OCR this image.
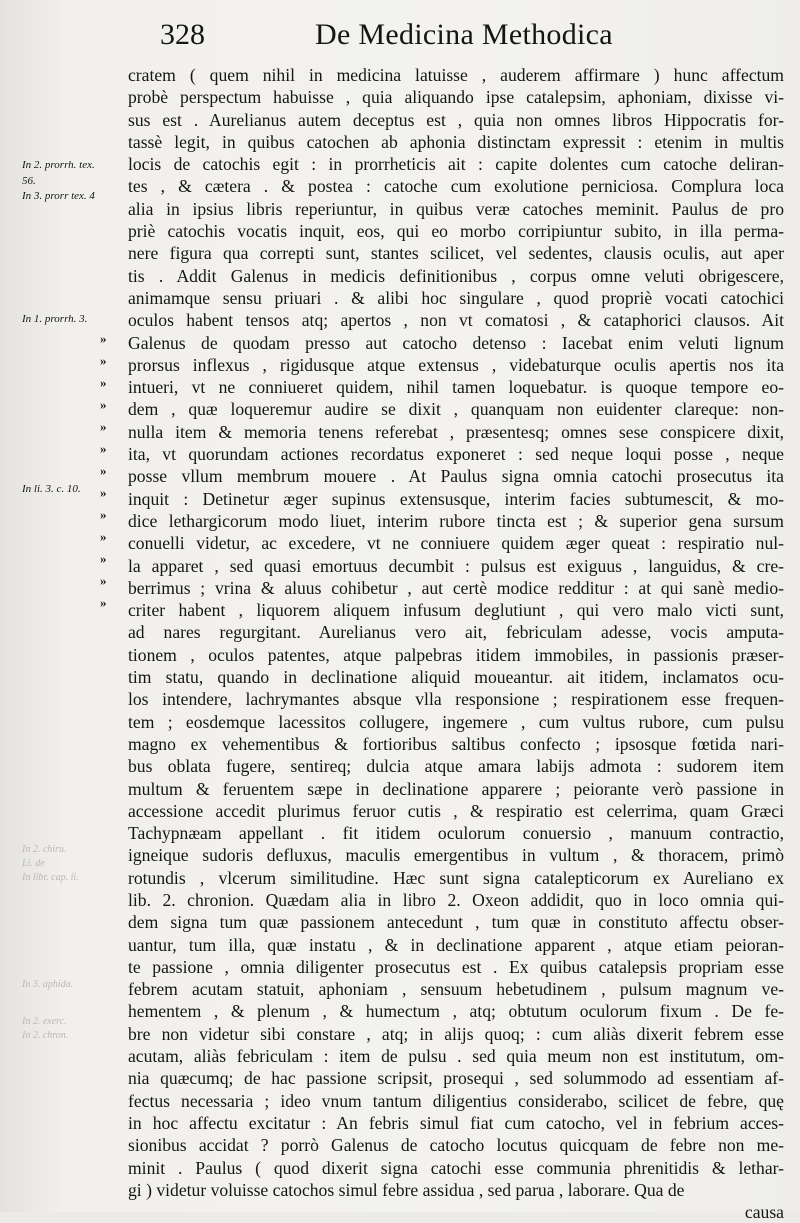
328	De Medicina Methodica
In 2. prorrh. tex.
56.
In 3. prorr tex. 4
In 1. prorrh. 3.
In li. 3. c. 10.
»
»
»
»
»
»
»
»
»
»
»
»
»
In 2. chiru.
Li. de
In libr. cap. ii.
In 3. aphida.
In 2. exerc.
In 2. chron.
cratem ( quem nihil in medicina latuisse , auderem affirmare ) hunc affectum
probè perspectum habuisse , quia aliquando ipse catalepsim, aphoniam, dixisse vi-
sus est . Aurelianus autem deceptus est , quia non omnes libros Hippocratis for-
tassè legit, in quibus catochen ab aphonia distinctam expressit : etenim in multis
locis de catochis egit : in prorrheticis ait : capite dolentes cum catoche deliran-
tes , & cætera . & postea : catoche cum exolutione perniciosa. Complura loca
alia in ipsius libris reperiuntur, in quibus veræ catoches meminit. Paulus de pro
priè catochis vocatis inquit, eos, qui eo morbo corripiuntur subito, in illa perma-
nere figura qua correpti sunt, stantes scilicet, vel sedentes, clausis oculis, aut aper
tis . Addit Galenus in medicis definitionibus , corpus omne veluti obrigescere,
animamque sensu priuari . & alibi hoc singulare , quod propriè vocati catochici
oculos habent tensos atq; apertos , non vt comatosi , & cataphorici clausos. Ait
Galenus de quodam presso aut catocho detenso : Iacebat enim veluti lignum
prorsus inflexus , rigidusque atque extensus , videbaturque oculis apertis nos ita
intueri, vt ne conniueret quidem, nihil tamen loquebatur. is quoque tempore eo-
dem , quæ loqueremur audire se dixit , quanquam non euidenter clareque: non-
nulla item & memoria tenens referebat , præsentesq; omnes sese conspicere dixit,
ita, vt quorundam actiones recordatus exponeret : sed neque loqui posse , neque
posse vllum membrum mouere . At Paulus signa omnia catochi prosecutus ita
inquit : Detinetur æger supinus extensusque, interim facies subtumescit, & mo-
dice lethargicorum modo liuet, interim rubore tincta est ; & superior gena sursum
conuelli videtur, ac excedere, vt ne conniuere quidem æger queat : respiratio nul-
la apparet , sed quasi emortuus decumbit : pulsus est exiguus , languidus, & cre-
berrimus ; vrina & aluus cohibetur , aut certè modice redditur : at qui sanè medio-
criter habent , liquorem aliquem infusum deglutiunt , qui vero malo victi sunt,
ad nares regurgitant. Aurelianus vero ait, febriculam adesse, vocis amputa-
tionem , oculos patentes, atque palpebras itidem immobiles, in passionis præser-
tim statu, quando in declinatione aliquid moueantur. ait itidem, inclamatos ocu-
los intendere, lachrymantes absque vlla responsione ; respirationem esse frequen-
tem ; eosdemque lacessitos collugere, ingemere , cum vultus rubore, cum pulsu
magno ex vehementibus & fortioribus saltibus confecto ; ipsosque fœtida nari-
bus oblata fugere, sentireq; dulcia atque amara labijs admota : sudorem item
multum & feruentem sæpe in declinatione apparere ; peiorante verò passione in
accessione accedit plurimus feruor cutis , & respiratio est celerrima, quam Græci
Tachypnæam appellant . fit itidem oculorum conuersio , manuum contractio,
igneique sudoris defluxus, maculis emergentibus in vultum , & thoracem, primò
rotundis , vlcerum similitudine. Hæc sunt signa catalepticorum ex Aureliano ex
lib. 2. chronion. Quædam alia in libro 2. Oxeon addidit, quo in loco omnia qui-
dem signa tum quæ passionem antecedunt , tum quæ in constituto affectu obser-
uantur, tum illa, quæ instatu , & in declinatione apparent , atque etiam peioran-
te passione , omnia diligenter prosecutus est . Ex quibus catalepsis propriam esse
febrem acutam statuit, aphoniam , sensuum hebetudinem , pulsum magnum ve-
hementem , & plenum , & humectum , atq; obtutum oculorum fixum . De fe-
bre non videtur sibi constare , atq; in alijs quoq; : cum aliàs dixerit febrem esse
acutam, aliàs febriculam : item de pulsu . sed quia meum non est institutum, om-
nia quæcumq; de hac passione scripsit, prosequi , sed solummodo ad essentiam af-
fectus necessaria ; ideo vnum tantum diligentius considerabo, scilicet de febre, quę
in hoc affectu excitatur : An febris simul fiat cum catocho, vel in febrium acces-
sionibus accidat ? porrò Galenus de catocho locutus quicquam de febre non me-
minit . Paulus ( quod dixerit signa catochi esse communia phrenitidis & lethar-
gi ) videtur voluisse catochos simul febre assidua , sed parua , laborare. Qua de
causa
